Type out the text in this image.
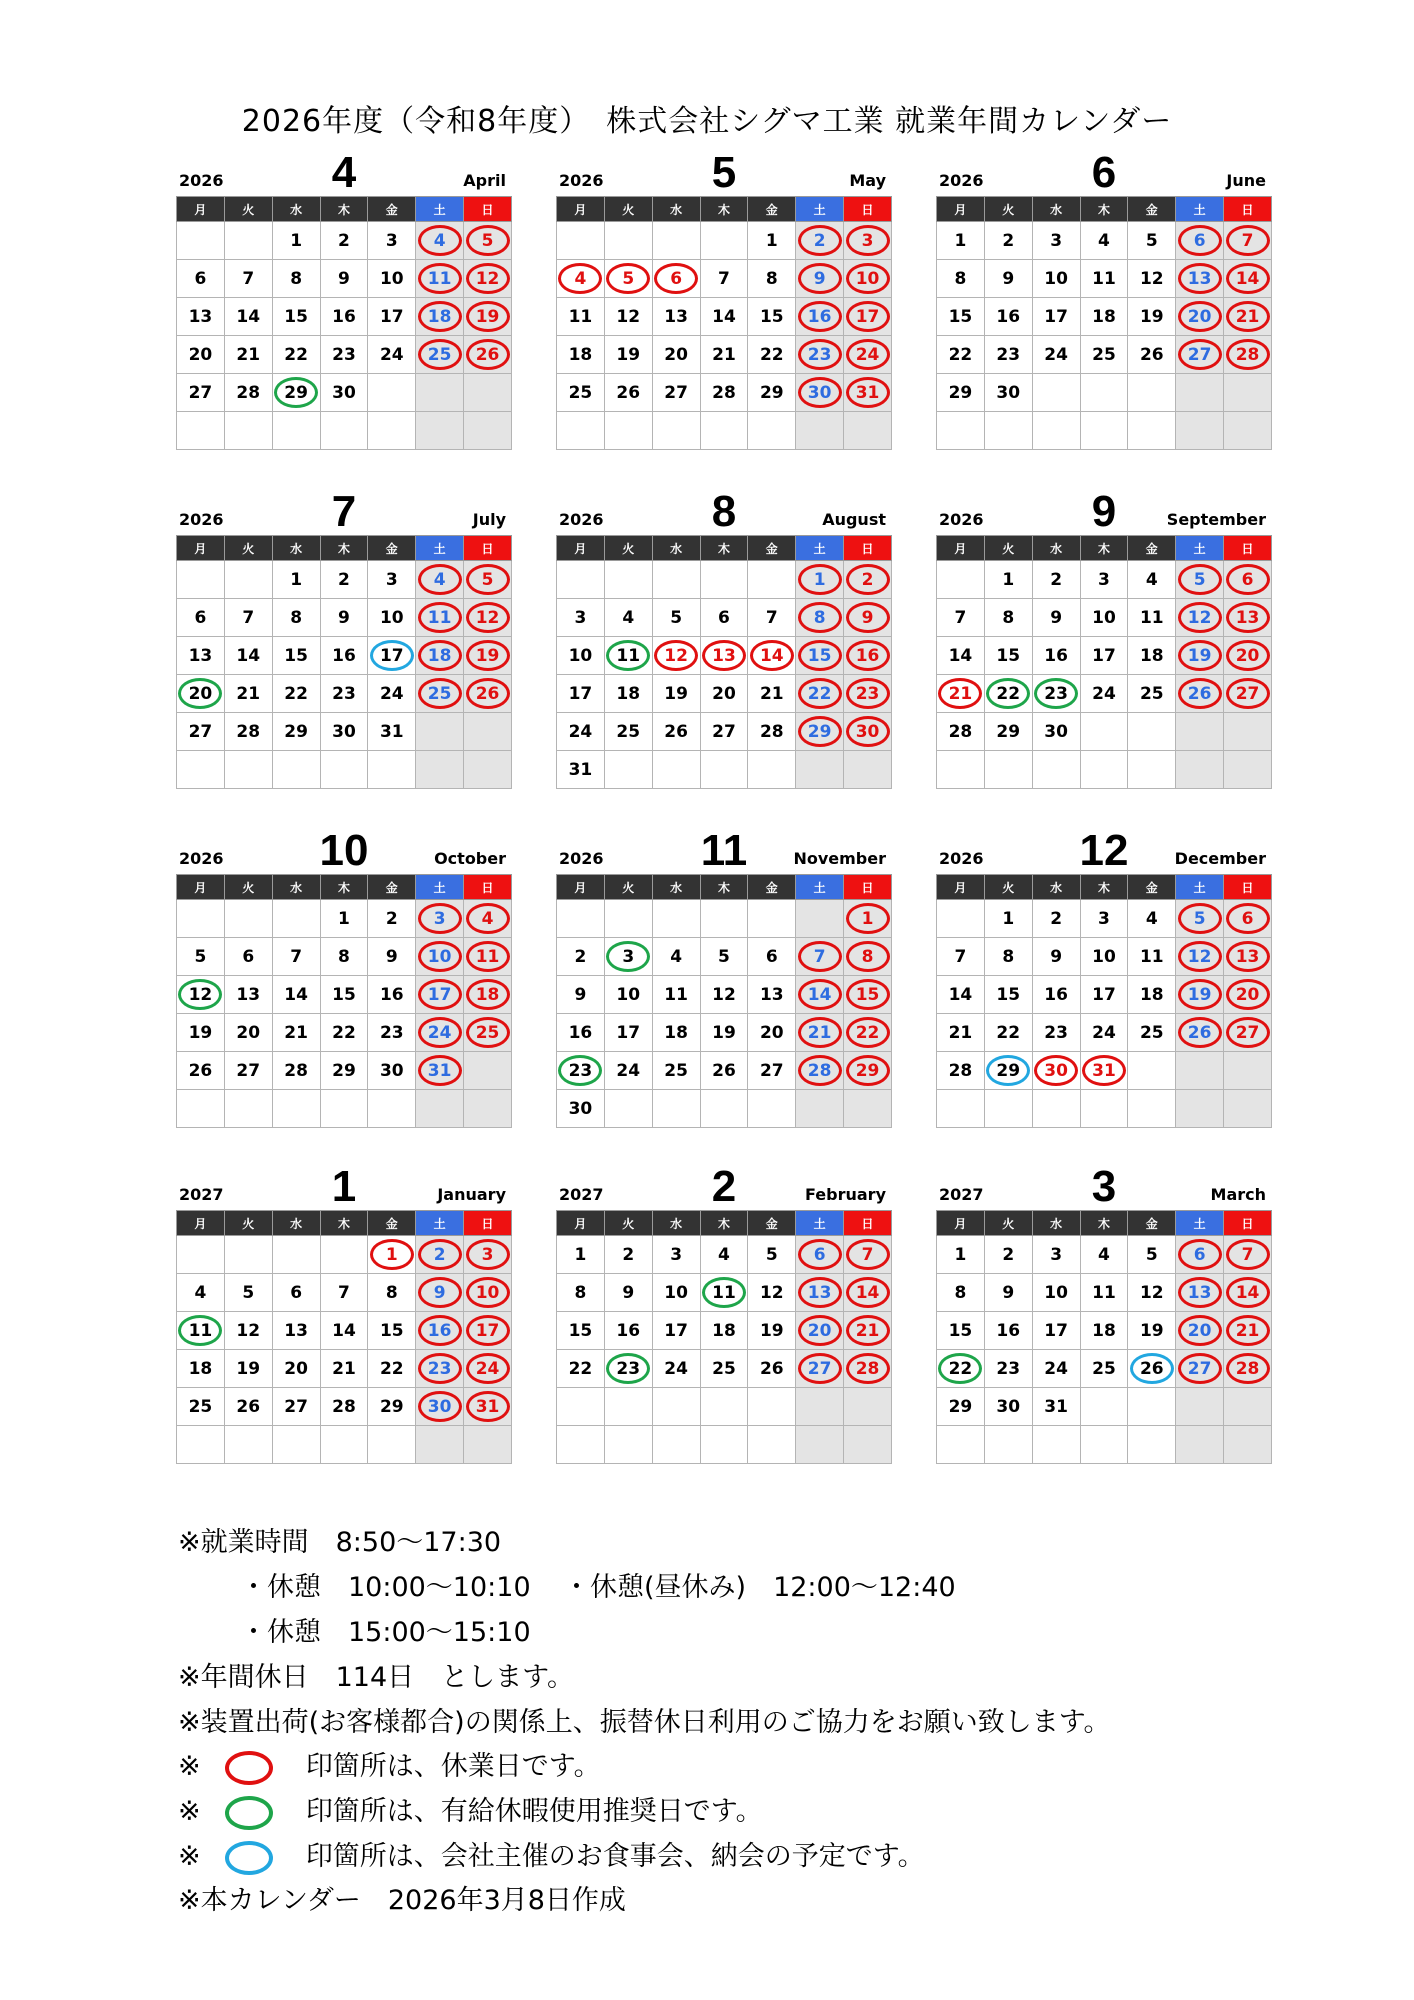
2026年度（令和8年度）　株式会社シグマ工業 就業年間カレンダー
2026	4	April
月	火	水	木	金	土	日
		1	2	3	4	5
6	7	8	9	10	11	12
13	14	15	16	17	18	19
20	21	22	23	24	25	26
27	28	29	30			

2026	5	May
月	火	水	木	金	土	日
				1	2	3
4	5	6	7	8	9	10
11	12	13	14	15	16	17
18	19	20	21	22	23	24
25	26	27	28	29	30	31

2026	6	June
月	火	水	木	金	土	日
1	2	3	4	5	6	7
8	9	10	11	12	13	14
15	16	17	18	19	20	21
22	23	24	25	26	27	28
29	30					

2026	7	July
月	火	水	木	金	土	日
		1	2	3	4	5
6	7	8	9	10	11	12
13	14	15	16	17	18	19
20	21	22	23	24	25	26
27	28	29	30	31		

2026	8	August
月	火	水	木	金	土	日
					1	2
3	4	5	6	7	8	9
10	11	12	13	14	15	16
17	18	19	20	21	22	23
24	25	26	27	28	29	30
31						
2026	9	September
月	火	水	木	金	土	日
	1	2	3	4	5	6
7	8	9	10	11	12	13
14	15	16	17	18	19	20
21	22	23	24	25	26	27
28	29	30				

2026 10	October
月	火	水	木	金	土	日
			1	2	3	4
5	6	7	8	9	10	11
12	13	14	15	16	17	18
19	20	21	22	23	24	25
26	27	28	29	30	31	

2026 11	November
月	火	水	木	金	土	日
						1
2	3	4	5	6	7	8
9	10	11	12	13	14	15
16	17	18	19	20	21	22
23	24	25	26	27	28	29
30						
2026 12	December
月	火	水	木	金	土	日
	1	2	3	4	5	6
7	8	9	10	11	12	13
14	15	16	17	18	19	20
21	22	23	24	25	26	27
28	29	30	31			

2027	1	January
月	火	水	木	金	土	日
				1	2	3
4	5	6	7	8	9	10
11	12	13	14	15	16	17
18	19	20	21	22	23	24
25	26	27	28	29	30	31

2027	2	February
月	火	水	木	金	土	日
1	2	3	4	5	6	7
8	9	10	11	12	13	14
15	16	17	18	19	20	21
22	23	24	25	26	27	28

2027	3	March
月	火	水	木	金	土	日
1	2	3	4	5	6	7
8	9	10	11	12	13	14
15	16	17	18	19	20	21
22	23	24	25	26	27	28
29	30	31				

※就業時間　8:50～17:30
・休憩　10:00～10:10 ・休憩(昼休み)　12:00～12:40
・休憩　15:00～15:10
※年間休日　114日　とします。
※装置出荷(お客様都合)の関係上、振替休日利用のご協力をお願い致します。
※	印箇所は、休業日です。
※	印箇所は、有給休暇使用推奨日です。
※	印箇所は、会社主催のお食事会、納会の予定です。
※本カレンダー　2026年3月8日作成
